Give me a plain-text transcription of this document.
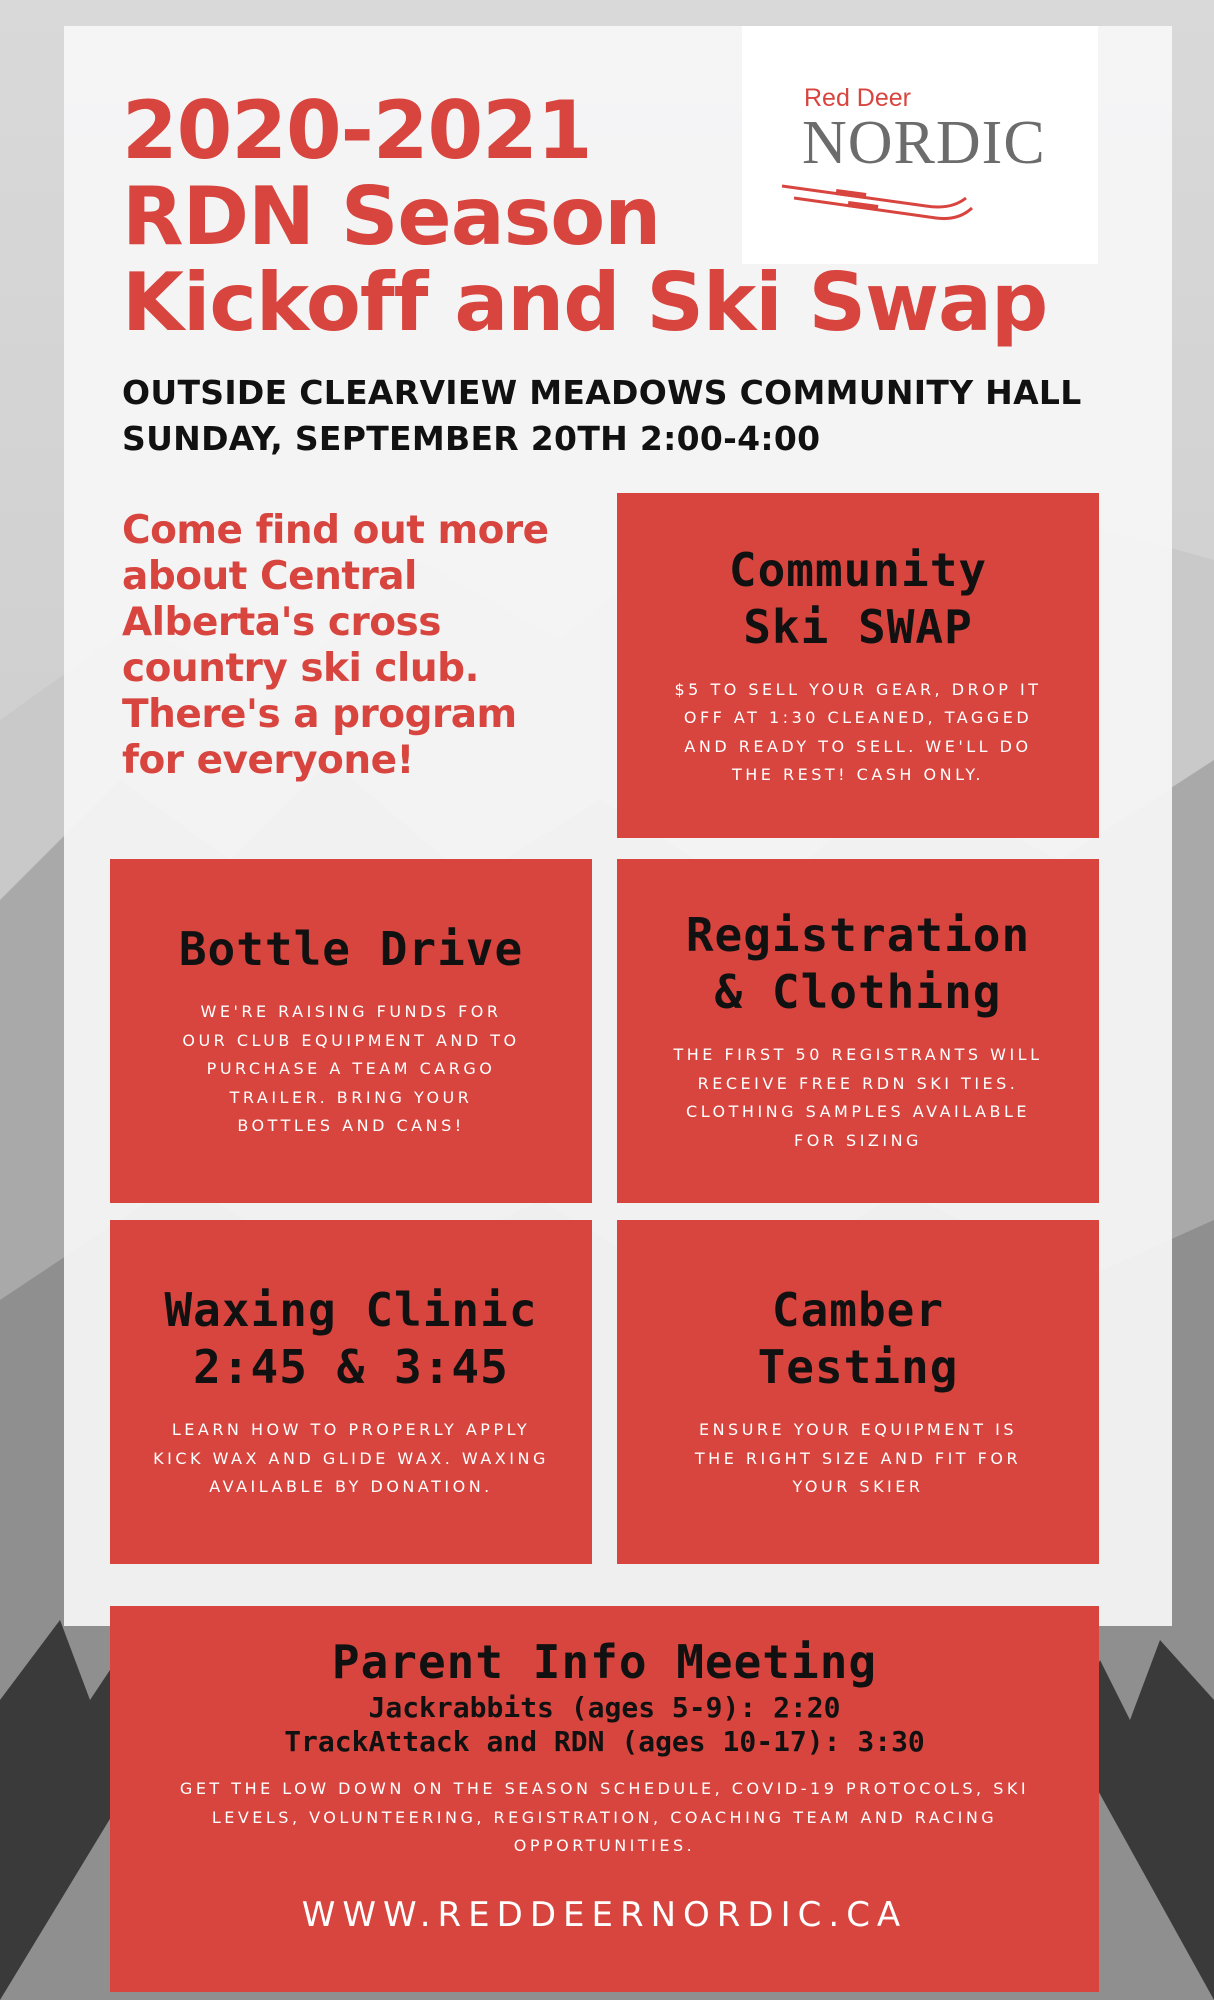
Red Deer
NORDIC
2020-2021
RDN Season
Kickoff and Ski Swap
OUTSIDE CLEARVIEW MEADOWS COMMUNITY HALL
SUNDAY, SEPTEMBER 20TH 2:00-4:00
Come find out more about Central Alberta's cross country ski club. There's a program for everyone!
Community
Ski SWAP
$5 TO SELL YOUR GEAR, DROP IT OFF AT 1:30 CLEANED, TAGGED AND READY TO SELL. WE'LL DO THE REST! CASH ONLY.
Bottle Drive
WE'RE RAISING FUNDS FOR OUR CLUB EQUIPMENT AND TO PURCHASE A TEAM CARGO TRAILER. BRING YOUR BOTTLES AND CANS!
Registration
& Clothing
THE FIRST 50 REGISTRANTS WILL RECEIVE FREE RDN SKI TIES. CLOTHING SAMPLES AVAILABLE FOR SIZING
Waxing Clinic
2:45 & 3:45
LEARN HOW TO PROPERLY APPLY KICK WAX AND GLIDE WAX. WAXING AVAILABLE BY DONATION.
Camber
Testing
ENSURE YOUR EQUIPMENT IS THE RIGHT SIZE AND FIT FOR YOUR SKIER
Parent Info Meeting
Jackrabbits (ages 5-9): 2:20
TrackAttack and RDN (ages 10-17): 3:30
GET THE LOW DOWN ON THE SEASON SCHEDULE, COVID-19 PROTOCOLS, SKI LEVELS, VOLUNTEERING, REGISTRATION, COACHING TEAM AND RACING OPPORTUNITIES.
WWW.REDDEERNORDIC.CA
